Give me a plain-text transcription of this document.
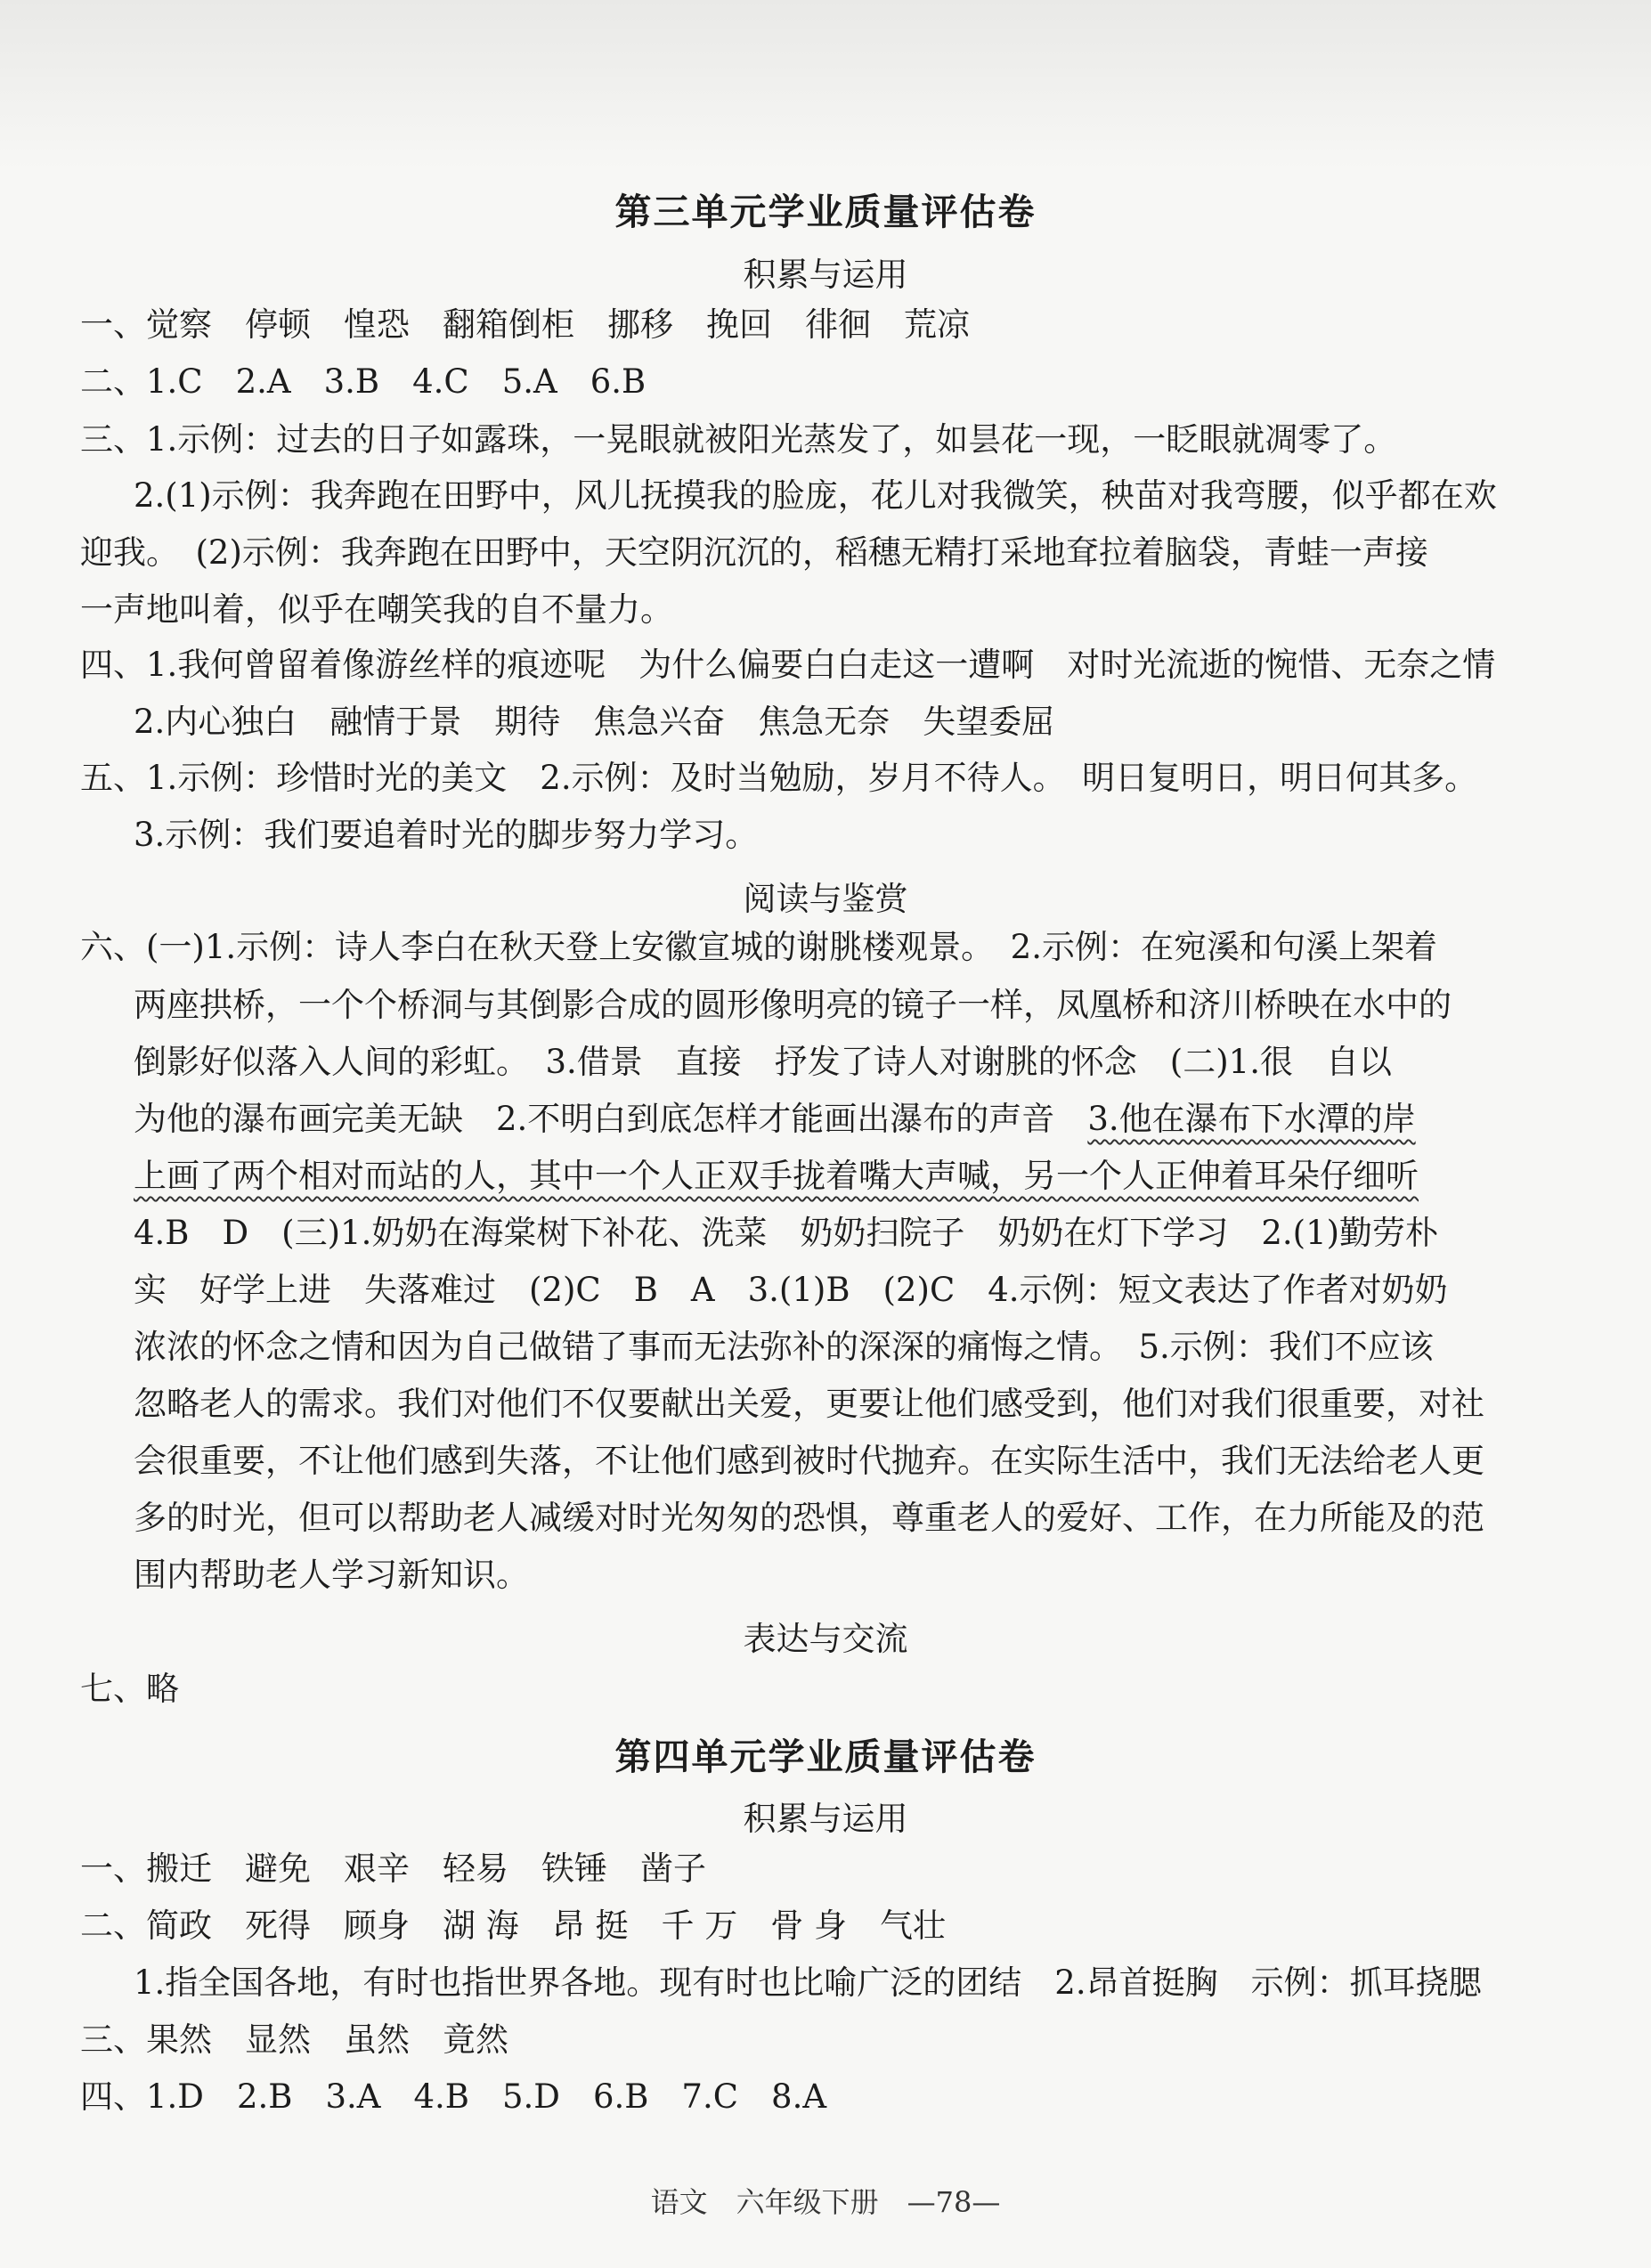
第三单元学业质量评估卷
积累与运用
一、觉察　停顿　惶恐　翻箱倒柜　挪移　挽回　徘徊　荒凉
二、1.C　2.A　3.B　4.C　5.A　6.B
三、1.示例：过去的日子如露珠，一晃眼就被阳光蒸发了，如昙花一现，一眨眼就凋零了。
2.(1)示例：我奔跑在田野中，风儿抚摸我的脸庞，花儿对我微笑，秧苗对我弯腰，似乎都在欢
迎我。　(2)示例：我奔跑在田野中，天空阴沉沉的，稻穗无精打采地耷拉着脑袋，青蛙一声接
一声地叫着，似乎在嘲笑我的自不量力。
四、1.我何曾留着像游丝样的痕迹呢　为什么偏要白白走这一遭啊　对时光流逝的惋惜、无奈之情
2.内心独白　融情于景　期待　焦急兴奋　焦急无奈　失望委屈
五、1.示例：珍惜时光的美文　2.示例：及时当勉励，岁月不待人。　明日复明日，明日何其多。
3.示例：我们要追着时光的脚步努力学习。
阅读与鉴赏
六、(一)1.示例：诗人李白在秋天登上安徽宣城的谢朓楼观景。　2.示例：在宛溪和句溪上架着
两座拱桥，一个个桥洞与其倒影合成的圆形像明亮的镜子一样，凤凰桥和济川桥映在水中的
倒影好似落入人间的彩虹。　3.借景　直接　抒发了诗人对谢朓的怀念　(二)1.很　自以
为他的瀑布画完美无缺　2.不明白到底怎样才能画出瀑布的声音　3.他在瀑布下水潭的岸
上画了两个相对而站的人，其中一个人正双手拢着嘴大声喊，另一个人正伸着耳朵仔细听
4.B　D　(三)1.奶奶在海棠树下补花、洗菜　奶奶扫院子　奶奶在灯下学习　2.(1)勤劳朴
实　好学上进　失落难过　(2)C　B　A　3.(1)B　(2)C　4.示例：短文表达了作者对奶奶
浓浓的怀念之情和因为自己做错了事而无法弥补的深深的痛悔之情。　5.示例：我们不应该
忽略老人的需求。我们对他们不仅要献出关爱，更要让他们感受到，他们对我们很重要，对社
会很重要，不让他们感到失落，不让他们感到被时代抛弃。在实际生活中，我们无法给老人更
多的时光，但可以帮助老人减缓对时光匆匆的恐惧，尊重老人的爱好、工作，在力所能及的范
围内帮助老人学习新知识。
表达与交流
七、略
第四单元学业质量评估卷
积累与运用
一、搬迁　避免　艰辛　轻易　铁锤　凿子
二、简政　死得　顾身　湖 海　昂 挺　千 万　骨 身　气壮
1.指全国各地，有时也指世界各地。现有时也比喻广泛的团结　2.昂首挺胸　示例：抓耳挠腮
三、果然　显然　虽然　竟然
四、1.D　2.B　3.A　4.B　5.D　6.B　7.C　8.A
语文　六年级下册　—78—
